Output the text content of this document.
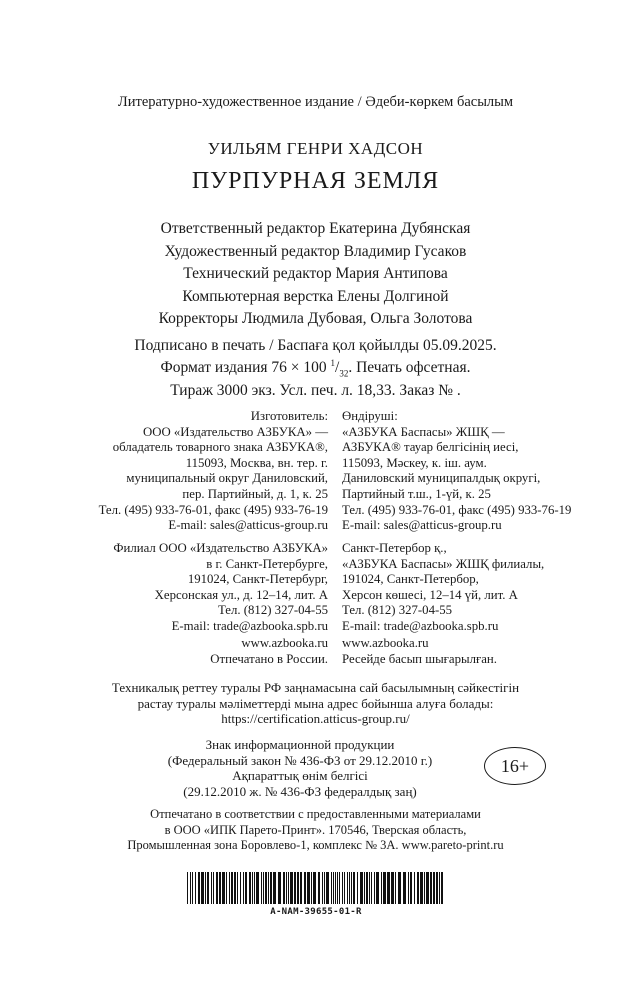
Литературно-художественное издание / Әдеби-көркем басылым
УИЛЬЯМ ГЕНРИ ХАДСОН
ПУРПУРНАЯ ЗЕМЛЯ
Ответственный редактор Екатерина Дубянская
Художественный редактор Владимир Гусаков
Технический редактор Мария Антипова
Компьютерная верстка Елены Долгиной
Корректоры Людмила Дубовая, Ольга Золотова
Подписано в печать / Баспаға қол қойылды 05.09.2025.
Формат издания 76 × 100 $^1/_{32}$. Печать офсетная.
Тираж 3000 экз. Усл. печ. л. 18,33. Заказ № .
Изготовитель:
ООО «Издательство АЗБУКА» —
обладатель товарного знака АЗБУКА®,
115093, Москва, вн. тер. г.
муниципальный округ Даниловский,
пер. Партийный, д. 1, к. 25
Тел. (495) 933-76-01, факс (495) 933-76-19
E-mail: sales@atticus-group.ru
Өндіруші:
«АЗБУКА Баспасы» ЖШҚ —
АЗБУКА® тауар белгісінің иесі,
115093, Мәскеу, к. іш. аум.
Даниловский муниципалдық округі,
Партийный т.ш., 1-үй, к. 25
Тел. (495) 933-76-01, факс (495) 933-76-19
E-mail: sales@atticus-group.ru
Филиал ООО «Издательство АЗБУКА»
в г. Санкт-Петербурге,
191024, Санкт-Петербург,
Херсонская ул., д. 12–14, лит. А
Тел. (812) 327-04-55
E-mail: trade@azbooka.spb.ru
Санкт-Петербор қ.,
«АЗБУКА Баспасы» ЖШҚ филиалы,
191024, Санкт-Петербор,
Херсон көшесі, 12–14 үй, лит. А
Тел. (812) 327-04-55
E-mail: trade@azbooka.spb.ru
www.azbooka.ru
Отпечатано в России.
www.azbooka.ru
Ресейде басып шығарылған.
Техникалық реттеу туралы РФ заңнамасына сай басылымның сәйкестігін
растау туралы мәліметтерді мына адрес бойынша алуға болады:
https://certification.atticus-group.ru/
Знак информационной продукции
(Федеральный закон № 436-ФЗ от 29.12.2010 г.)
Ақпараттық өнім белгісі
(29.12.2010 ж. № 436-ФЗ федералдық заң)
16+
Отпечатано в соответствии с предоставленными материалами
в ООО «ИПК Парето-Принт». 170546, Тверская область,
Промышленная зона Боровлево-1, комплекс № 3А. www.pareto-print.ru
A-NAM-39655-01-R
